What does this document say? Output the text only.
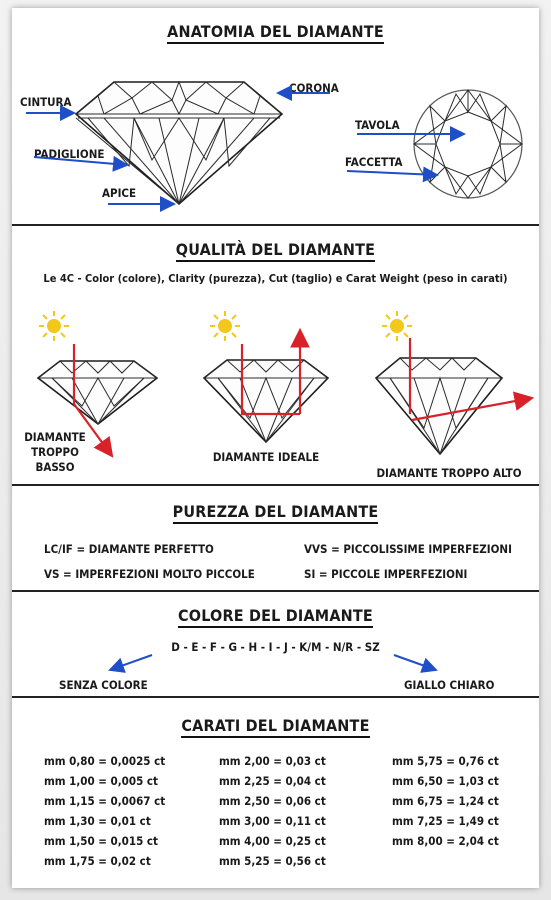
ANATOMIA DEL DIAMANTE
CINTURA
CORONA
PADIGLIONE
APICE
TAVOLA
FACCETTA
QUALITÀ DEL DIAMANTE
Le 4C - Color (colore), Clarity (purezza), Cut (taglio) e Carat Weight (peso in carati)
DIAMANTE
TROPPO
BASSO
DIAMANTE IDEALE
DIAMANTE TROPPO ALTO
PUREZZA DEL DIAMANTE
LC/IF = DIAMANTE PERFETTO	VVS = PICCOLISSIME IMPERFEZIONI
VS = IMPERFEZIONI MOLTO PICCOLE	SI = PICCOLE IMPERFEZIONI
COLORE DEL DIAMANTE
D - E - F - G - H - I - J - K/M - N/R - SZ
SENZA COLORE	GIALLO CHIARO
CARATI DEL DIAMANTE
mm 0,80 = 0,0025 ct
mm 1,00 = 0,005 ct
mm 1,15 = 0,0067 ct
mm 1,30 = 0,01 ct
mm 1,50 = 0,015 ct
mm 1,75 = 0,02 ct
mm 2,00 = 0,03 ct
mm 2,25 = 0,04 ct
mm 2,50 = 0,06 ct
mm 3,00 = 0,11 ct
mm 4,00 = 0,25 ct
mm 5,25 = 0,56 ct
mm 5,75 = 0,76 ct
mm 6,50 = 1,03 ct
mm 6,75 = 1,24 ct
mm 7,25 = 1,49 ct
mm 8,00 = 2,04 ct
